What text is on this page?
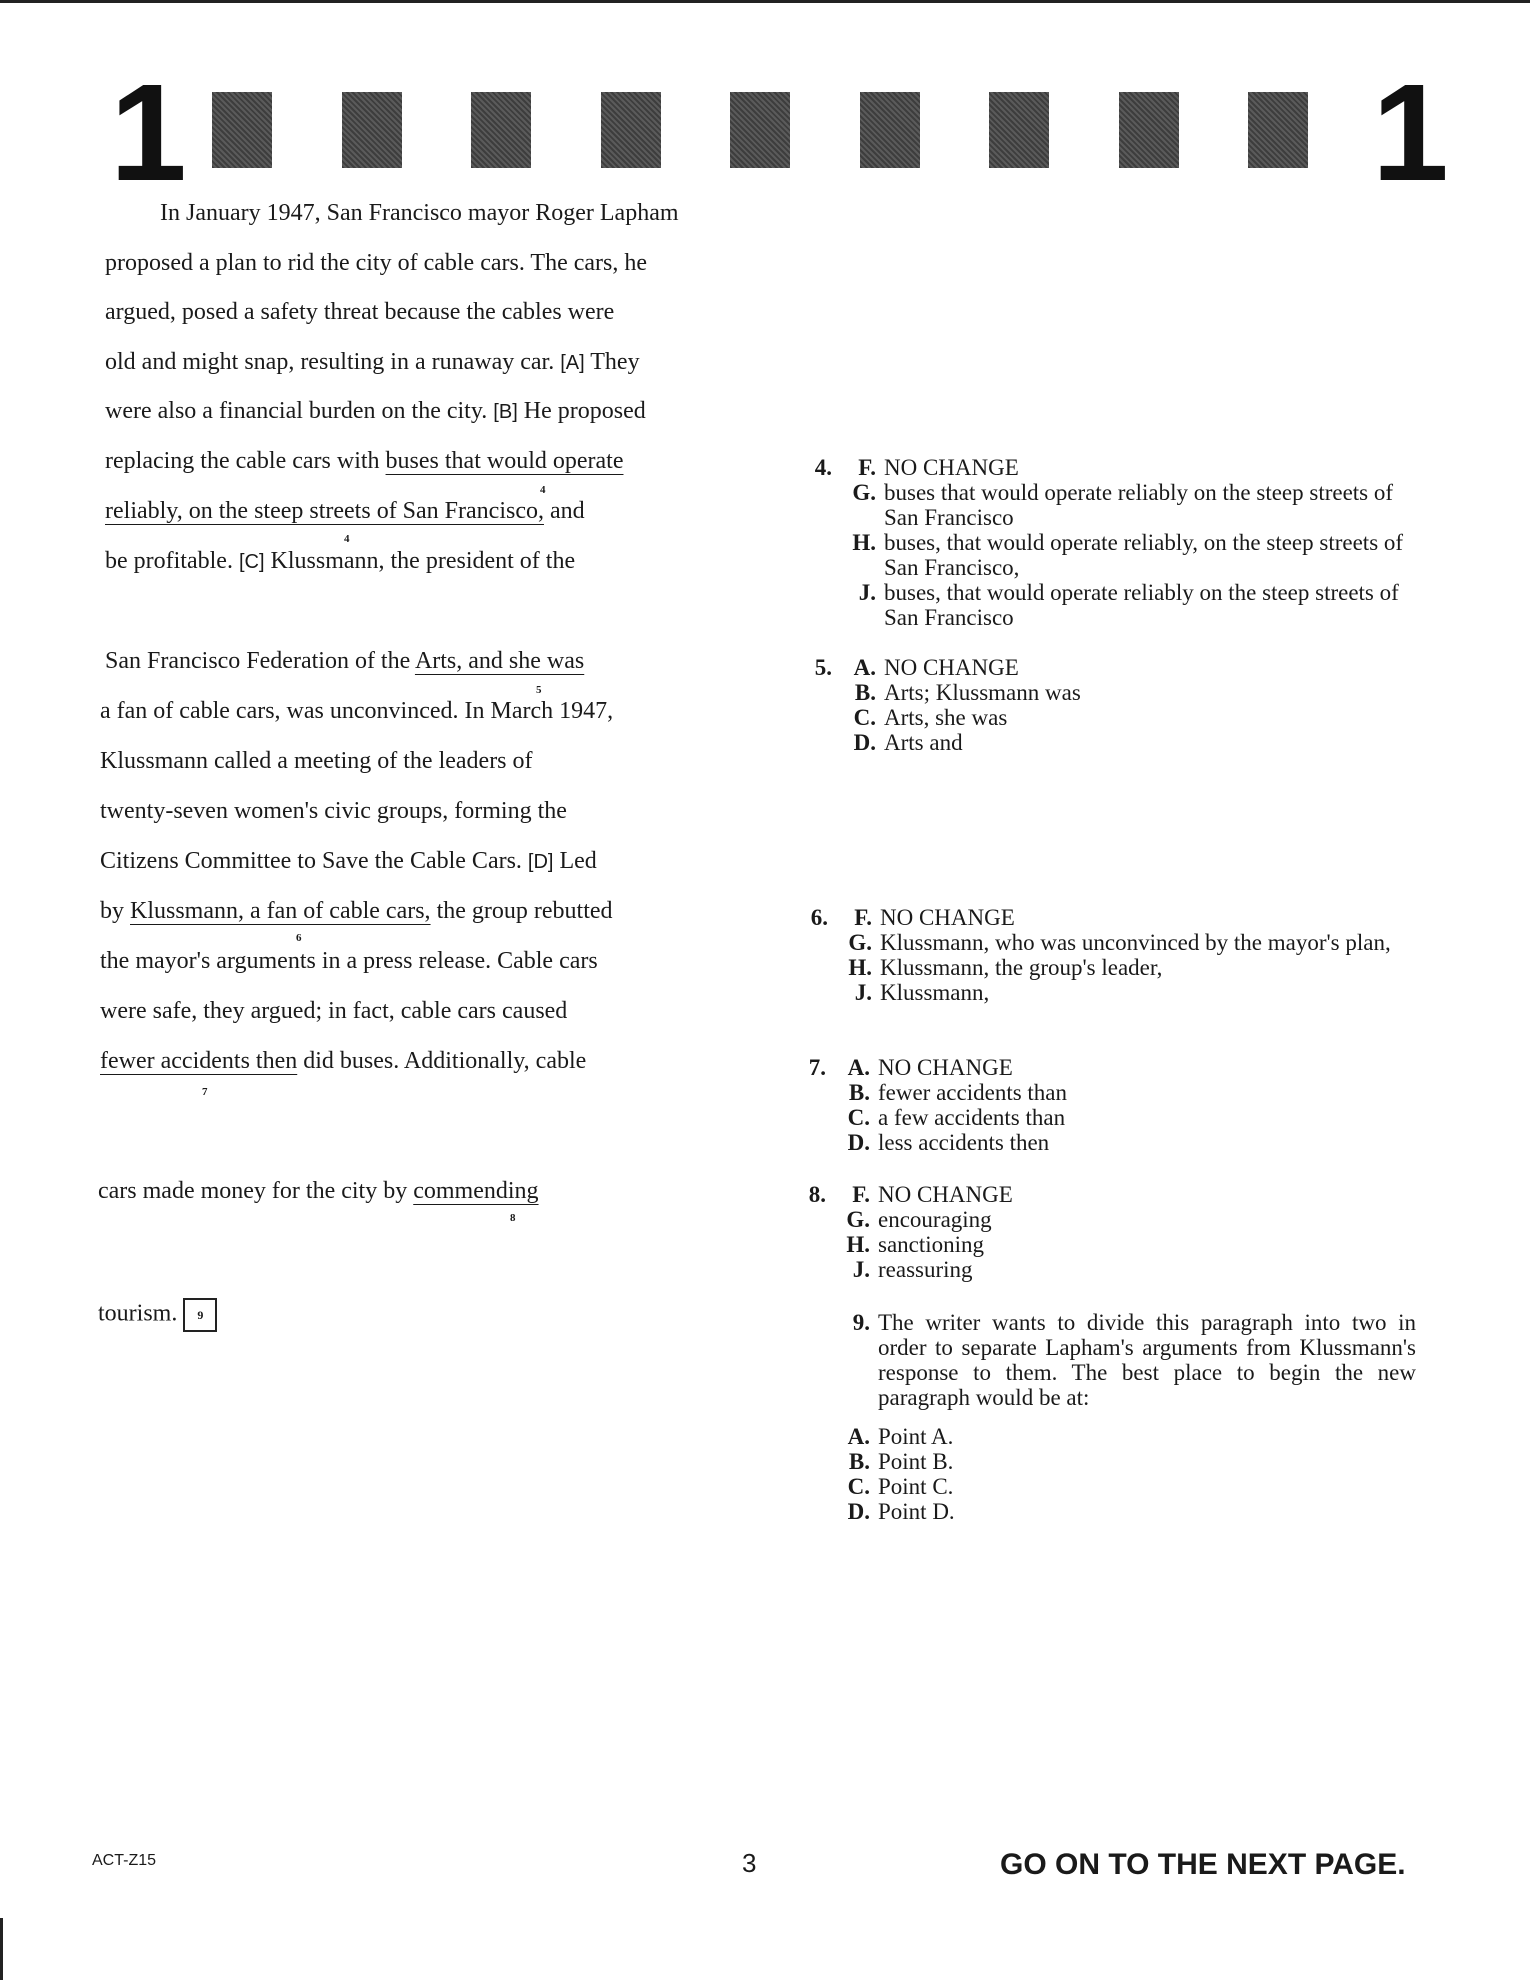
1	1
In January 1947, San Francisco mayor Roger Lapham
proposed a plan to rid the city of cable cars. The cars, he
argued, posed a safety threat because the cables were
old and might snap, resulting in a runaway car. [A] They
were also a financial burden on the city. [B] He proposed
replacing the cable cars with buses that would operate
4
reliably, on the steep streets of San Francisco, and
4
be profitable. [C] Klussmann, the president of the
San Francisco Federation of the Arts, and she was
5
a fan of cable cars, was unconvinced. In March 1947,
Klussmann called a meeting of the leaders of
twenty-seven women's civic groups, forming the
Citizens Committee to Save the Cable Cars. [D] Led
by Klussmann, a fan of cable cars, the group rebutted
6
the mayor's arguments in a press release. Cable cars
were safe, they argued; in fact, cable cars caused
fewer accidents then did buses. Additionally, cable
7
cars made money for the city by commending
8
tourism. 9
4. F. NO CHANGE
G. buses that would operate reliably on the steep streets of San Francisco
H. buses, that would operate reliably, on the steep streets of San Francisco,
J. buses, that would operate reliably on the steep streets of San Francisco
5. A. NO CHANGE
B. Arts; Klussmann was
C. Arts, she was
D. Arts and
6. F. NO CHANGE
G. Klussmann, who was unconvinced by the mayor's plan,
H. Klussmann, the group's leader,
J. Klussmann,
7. A. NO CHANGE
B. fewer accidents than
C. a few accidents than
D. less accidents then
8. F. NO CHANGE
G. encouraging
H. sanctioning
J. reassuring
9. The writer wants to divide this paragraph into two in order to separate Lapham's arguments from Klussmann's response to them. The best place to begin the new paragraph would be at:
A. Point A.
B. Point B.
C. Point C.
D. Point D.
ACT-Z15	3	GO ON TO THE NEXT PAGE.
